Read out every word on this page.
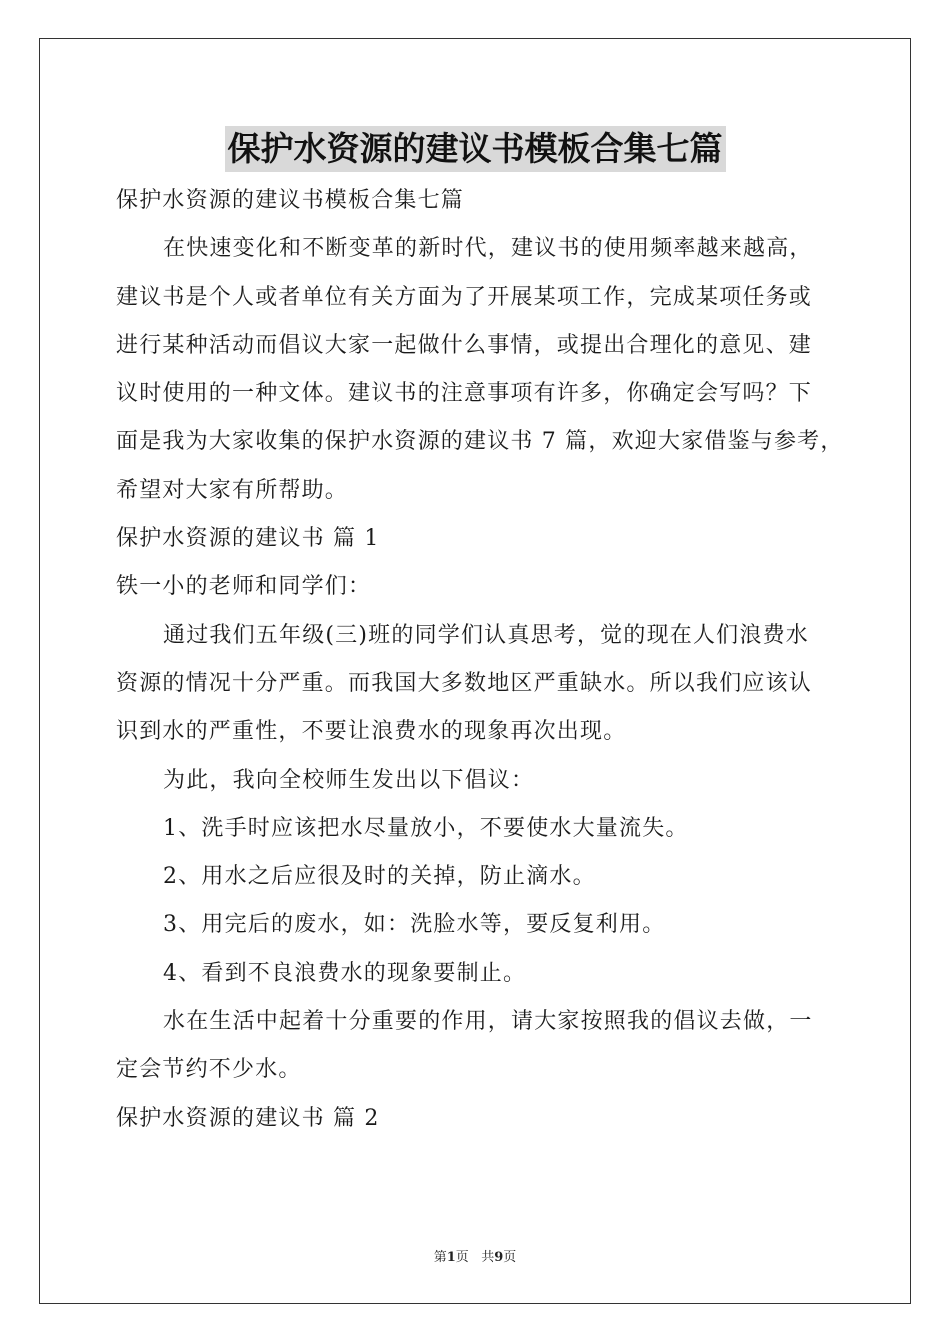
保护水资源的建议书模板合集七篇
保护水资源的建议书模板合集七篇
在快速变化和不断变革的新时代，建议书的使用频率越来越高，
建议书是个人或者单位有关方面为了开展某项工作，完成某项任务或
进行某种活动而倡议大家一起做什么事情，或提出合理化的意见、建
议时使用的一种文体。建议书的注意事项有许多，你确定会写吗？下
面是我为大家收集的保护水资源的建议书 7 篇，欢迎大家借鉴与参考，
希望对大家有所帮助。
保护水资源的建议书 篇 1
铁一小的老师和同学们：
通过我们五年级(三)班的同学们认真思考，觉的现在人们浪费水
资源的情况十分严重。而我国大多数地区严重缺水。所以我们应该认
识到水的严重性，不要让浪费水的现象再次出现。
为此，我向全校师生发出以下倡议：
1、洗手时应该把水尽量放小，不要使水大量流失。
2、用水之后应很及时的关掉，防止滴水。
3、用完后的废水，如：洗脸水等，要反复利用。
4、看到不良浪费水的现象要制止。
水在生活中起着十分重要的作用，请大家按照我的倡议去做，一
定会节约不少水。
保护水资源的建议书 篇 2
第1页 共9页
